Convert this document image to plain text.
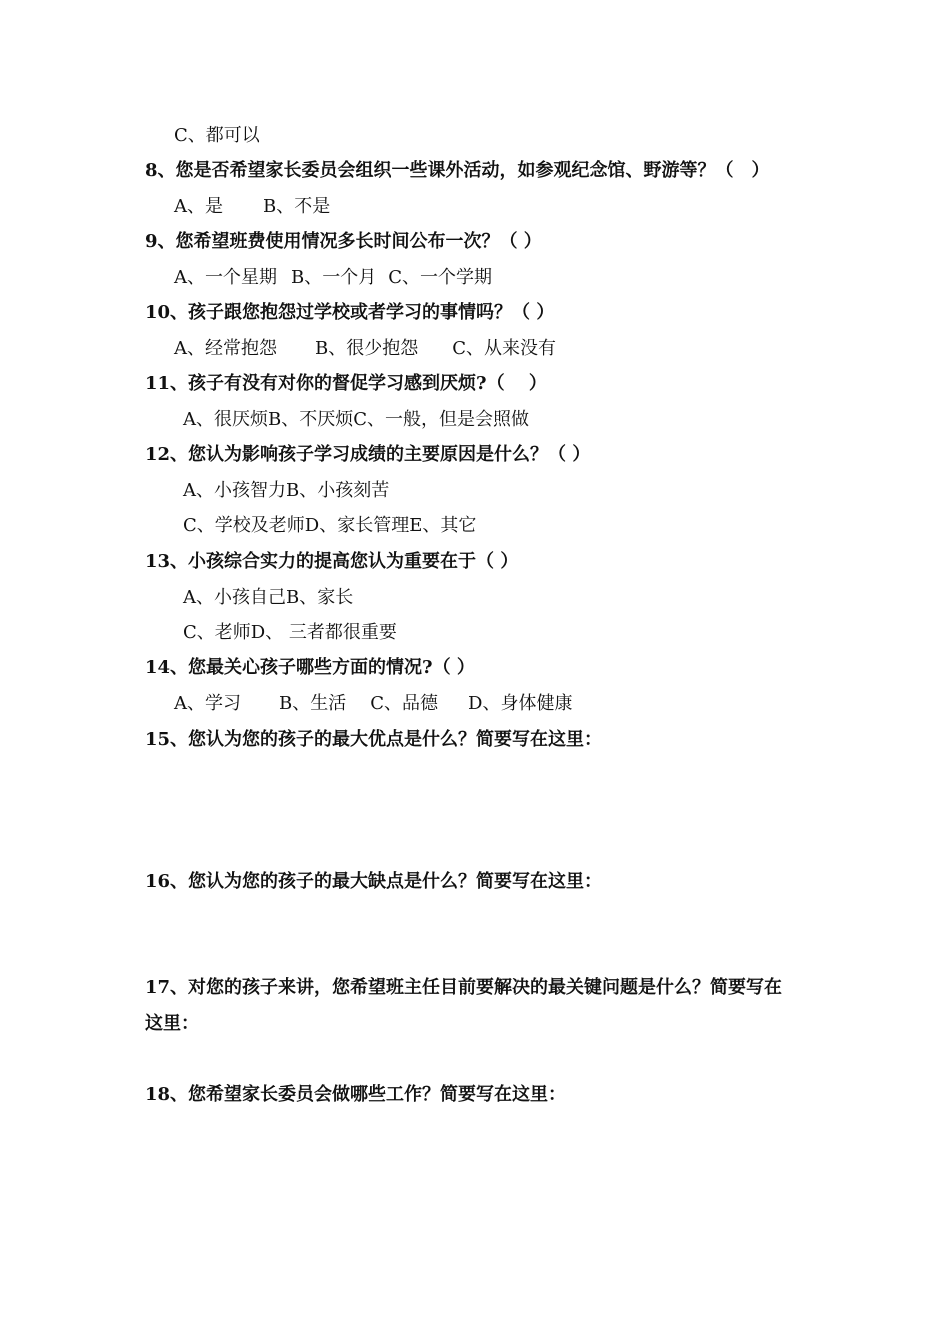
C、都可以
8、您是否希望家长委员会组织一些课外活动，如参观纪念馆、野游等？（　）
A、是 B、不是
9、您希望班费使用情况多长时间公布一次？（ ）
A、一个星期 B、一个月 C、一个学期
10、孩子跟您抱怨过学校或者学习的事情吗？（ ）
A、经常抱怨 B、很少抱怨 C、从来没有
11、孩子有没有对你的督促学习感到厌烦?（　 ）
A、很厌烦B、不厌烦C、一般，但是会照做
12、您认为影响孩子学习成绩的主要原因是什么？（ ）
A、小孩智力B、小孩刻苦
C、学校及老师D、家长管理E、其它
13、小孩综合实力的提高您认为重要在于（ ）
A、小孩自己B、家长
C、老师D、 三者都很重要
14、您最关心孩子哪些方面的情况?（ ）
A、学习 B、生活 C、品德 D、身体健康
15、您认为您的孩子的最大优点是什么？简要写在这里：
16、您认为您的孩子的最大缺点是什么？简要写在这里：
17、对您的孩子来讲，您希望班主任目前要解决的最关键问题是什么？简要写在
这里：
18、您希望家长委员会做哪些工作？简要写在这里：
